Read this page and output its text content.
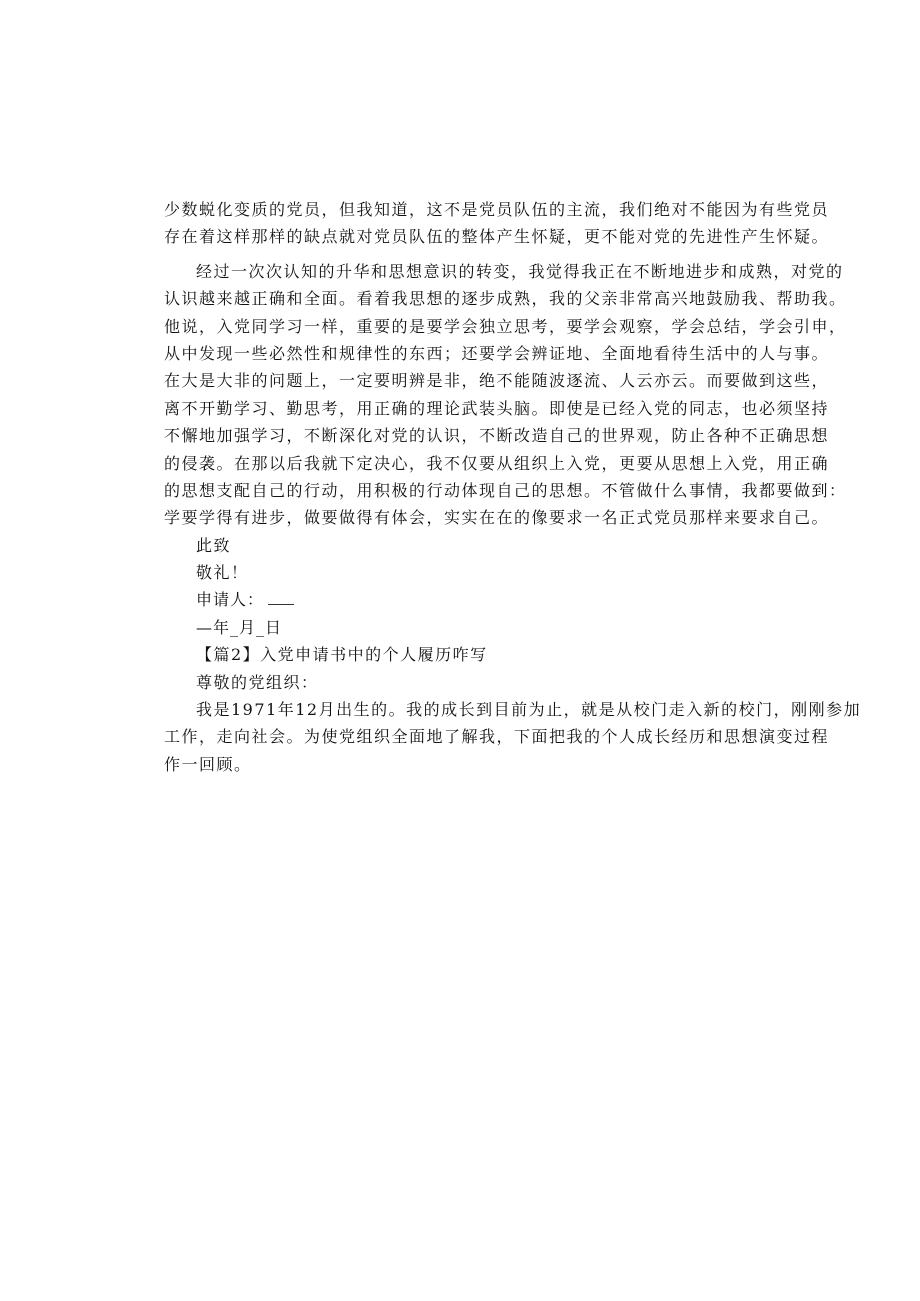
少数蜕化变质的党员，但我知道，这不是党员队伍的主流，我们绝对不能因为有些党员
存在着这样那样的缺点就对党员队伍的整体产生怀疑，更不能对党的先进性产生怀疑。
经过一次次认知的升华和思想意识的转变，我觉得我正在不断地进步和成熟，对党的
认识越来越正确和全面。看着我思想的逐步成熟，我的父亲非常高兴地鼓励我、帮助我。
他说，入党同学习一样，重要的是要学会独立思考，要学会观察，学会总结，学会引申，
从中发现一些必然性和规律性的东西；还要学会辨证地、全面地看待生活中的人与事。
在大是大非的问题上，一定要明辨是非，绝不能随波逐流、人云亦云。而要做到这些，
离不开勤学习、勤思考，用正确的理论武装头脑。即使是已经入党的同志，也必须坚持
不懈地加强学习，不断深化对党的认识，不断改造自己的世界观，防止各种不正确思想
的侵袭。在那以后我就下定决心，我不仅要从组织上入党，更要从思想上入党，用正确
的思想支配自己的行动，用积极的行动体现自己的思想。不管做什么事情，我都要做到：
学要学得有进步，做要做得有体会，实实在在的像要求一名正式党员那样来要求自己。
此致
敬礼！
申请人：
—年_月_日
【篇2】入党申请书中的个人履历咋写
尊敬的党组织：
我是1971年12月出生的。我的成长到目前为止，就是从校门走入新的校门，刚刚参加
工作，走向社会。为使党组织全面地了解我，下面把我的个人成长经历和思想演变过程
作一回顾。
